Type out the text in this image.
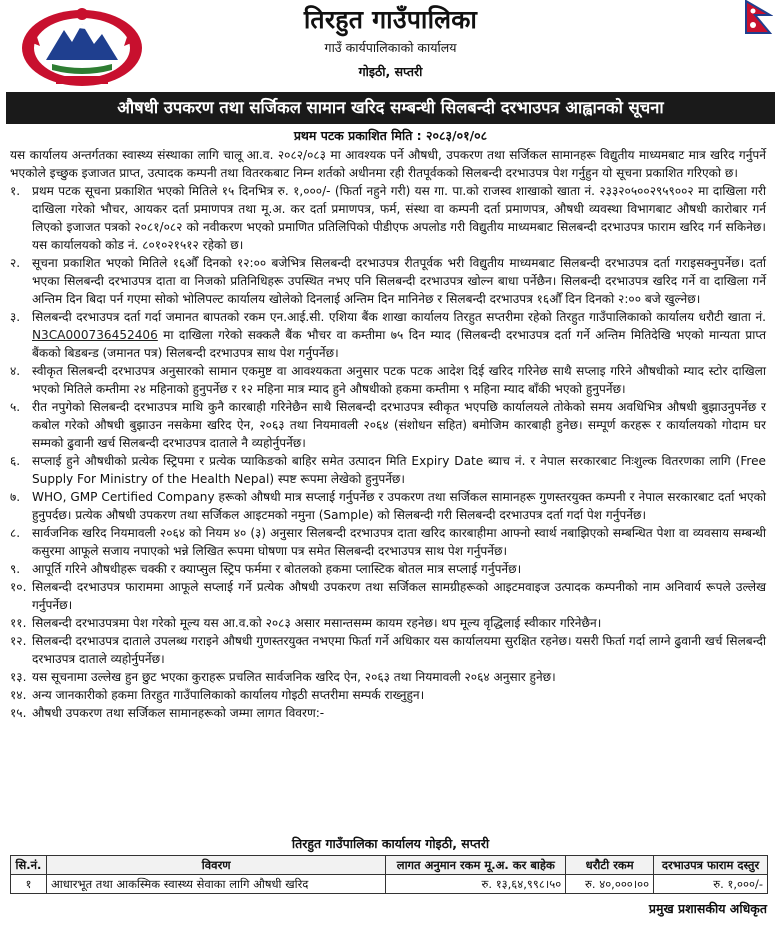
तिरहुत गाउँपालिका
गाउँ कार्यपालिकाको कार्यालय
गोइठी, सप्तरी
औषधी उपकरण तथा सर्जिकल सामान खरिद सम्बन्धी सिलबन्दी दरभाउपत्र आह्वानको सूचना
प्रथम पटक प्रकाशित मिति : २०८३/०१/०८

यस कार्यालय अन्तर्गतका स्वास्थ्य संस्थाका लागि चालू आ.व. २०८२/०८३ मा आवश्यक पर्ने औषधी, उपकरण तथा सर्जिकल सामानहरू विद्युतीय माध्यमबाट मात्र खरिद गर्नुपर्ने भएकोले इच्छुक इजाजत प्राप्त, उत्पादक कम्पनी तथा वितरकबाट निम्न शर्तको अधीनमा रही रीतपूर्वकको सिलबन्दी दरभाउपत्र पेश गर्नुहुन यो सूचना प्रकाशित गरिएको छ।

१. प्रथम पटक सूचना प्रकाशित भएको मितिले १५ दिनभित्र रु. १,०००/- (फिर्ता नहुने गरी) यस गा. पा.को राजस्व शाखाको खाता नं. २३३२०५००२९५९००२ मा दाखिला गरी दाखिला गरेको भौचर, आयकर दर्ता प्रमाणपत्र तथा मू.अ. कर दर्ता प्रमाणपत्र, फर्म, संस्था वा कम्पनी दर्ता प्रमाणपत्र, औषधी व्यवस्था विभागबाट औषधी कारोबार गर्न लिएको इजाजत पत्रको २०८१/०८२ को नवीकरण भएको प्रमाणित प्रतिलिपिको पीडीएफ अपलोड गरी विद्युतीय माध्यमबाट सिलबन्दी दरभाउपत्र फाराम खरिद गर्न सकिनेछ। यस कार्यालयको कोड नं. ८०१०२१५१२ रहेको छ।
२. सूचना प्रकाशित भएको मितिले १६औँ दिनको १२:०० बजेभित्र सिलबन्दी दरभाउपत्र रीतपूर्वक भरी विद्युतीय माध्यमबाट सिलबन्दी दरभाउपत्र दर्ता गराइसक्नुपर्नेछ। दर्ता भएका सिलबन्दी दरभाउपत्र दाता वा निजको प्रतिनिधिहरू उपस्थित नभए पनि सिलबन्दी दरभाउपत्र खोल्न बाधा पर्नेछैन। सिलबन्दी दरभाउपत्र खरिद गर्ने वा दाखिला गर्ने अन्तिम दिन बिदा पर्न गएमा सोको भोलिपल्ट कार्यालय खोलेको दिनलाई अन्तिम दिन मानिनेछ र सिलबन्दी दरभाउपत्र १६औँ दिन दिनको २:०० बजे खुल्नेछ।
३. सिलबन्दी दरभाउपत्र दर्ता गर्दा जमानत बापतको रकम एन.आई.सी. एशिया बैंक शाखा कार्यालय तिरहुत सप्तरीमा रहेको तिरहुत गाउँपालिकाको कार्यालय धरौटी खाता नं. N3CA000736452406 मा दाखिला गरेको सक्कलै बैंक भौचर वा कम्तीमा ७५ दिन म्याद (सिलबन्दी दरभाउपत्र दर्ता गर्ने अन्तिम मितिदेखि भएको मान्यता प्राप्त बैंकको बिडबन्ड (जमानत पत्र) सिलबन्दी दरभाउपत्र साथ पेश गर्नुपर्नेछ।
४. स्वीकृत सिलबन्दी दरभाउपत्र अनुसारको सामान एकमुष्ट वा आवश्यकता अनुसार पटक पटक आदेश दिई खरिद गरिनेछ साथै सप्लाइ गरिने औषधीको म्याद स्टोर दाखिला भएको मितिले कम्तीमा २४ महिनाको हुनुपर्नेछ र १२ महिना मात्र म्याद हुने औषधीको हकमा कम्तीमा ९ महिना म्याद बाँकी भएको हुनुपर्नेछ।
५. रीत नपुगेको सिलबन्दी दरभाउपत्र माथि कुनै कारबाही गरिनेछैन साथै सिलबन्दी दरभाउपत्र स्वीकृत भएपछि कार्यालयले तोकेको समय अवधिभित्र औषधी बुझाउनुपर्नेछ र कबोल गरेको औषधी बुझाउन नसकेमा खरिद ऐन, २०६३ तथा नियमावली २०६४ (संशोधन सहित) बमोजिम कारबाही हुनेछ। सम्पूर्ण करहरू र कार्यालयको गोदाम घर सम्मको ढुवानी खर्च सिलबन्दी दरभाउपत्र दाताले नै व्यहोर्नुपर्नेछ।
६. सप्लाई हुने औषधीको प्रत्येक स्ट्रिपमा र प्रत्येक प्याकिङको बाहिर समेत उत्पादन मिति Expiry Date ब्याच नं. र नेपाल सरकारबाट निःशुल्क वितरणका लागि (Free Supply For Ministry of the Health Nepal) स्पष्ट रूपमा लेखेको हुनुपर्नेछ।
७. WHO, GMP Certified Company हरूको औषधी मात्र सप्लाई गर्नुपर्नेछ र उपकरण तथा सर्जिकल सामानहरू गुणस्तरयुक्त कम्पनी र नेपाल सरकारबाट दर्ता भएको हुनुपर्दछ। प्रत्येक औषधी उपकरण तथा सर्जिकल आइटमको नमुना (Sample) को सिलबन्दी गरी सिलबन्दी दरभाउपत्र दर्ता गर्दा पेश गर्नुपर्नेछ।
८. सार्वजनिक खरिद नियमावली २०६४ को नियम ४० (३) अनुसार सिलबन्दी दरभाउपत्र दाता खरिद कारबाहीमा आफ्नो स्वार्थ नबाझिएको सम्बन्धित पेशा वा व्यवसाय सम्बन्धी कसुरमा आफूले सजाय नपाएको भन्ने लिखित रूपमा घोषणा पत्र समेत सिलबन्दी दरभाउपत्र साथ पेश गर्नुपर्नेछ।
९. आपूर्ति गरिने औषधीहरू चक्की र क्याप्सुल स्ट्रिप फर्ममा र बोतलको हकमा प्लास्टिक बोतल मात्र सप्लाई गर्नुपर्नेछ।
१०. सिलबन्दी दरभाउपत्र फाराममा आफूले सप्लाई गर्ने प्रत्येक औषधी उपकरण तथा सर्जिकल सामग्रीहरूको आइटमवाइज उत्पादक कम्पनीको नाम अनिवार्य रूपले उल्लेख गर्नुपर्नेछ।
११. सिलबन्दी दरभाउपत्रमा पेश गरेको मूल्य यस आ.व.को २०८३ असार मसान्तसम्म कायम रहनेछ। थप मूल्य वृद्धिलाई स्वीकार गरिनेछैन।
१२. सिलबन्दी दरभाउपत्र दाताले उपलब्ध गराइने औषधी गुणस्तरयुक्त नभएमा फिर्ता गर्ने अधिकार यस कार्यालयमा सुरक्षित रहनेछ। यसरी फिर्ता गर्दा लाग्ने ढुवानी खर्च सिलबन्दी दरभाउपत्र दाताले व्यहोर्नुपर्नेछ।
१३. यस सूचनामा उल्लेख हुन छुट भएका कुराहरू प्रचलित सार्वजनिक खरिद ऐन, २०६३ तथा नियमावली २०६४ अनुसार हुनेछ।
१४. अन्य जानकारीको हकमा तिरहुत गाउँपालिकाको कार्यालय गोइठी सप्तरीमा सम्पर्क राख्नुहुन।
१५. औषधी उपकरण तथा सर्जिकल सामानहरूको जम्मा लागत विवरण:-
तिरहुत गाउँपालिका कार्यालय गोइठी, सप्तरी
सि.नं.	विवरण	लागत अनुमान रकम मू.अ. कर बाहेक	धरौटी रकम	दरभाउपत्र फाराम दस्तुर
१	आधारभूत तथा आकस्मिक स्वास्थ्य सेवाका लागि औषधी खरिद	रु. १३,६४,९९८।५०	रु. ४०,०००।००	रु. १,०००/-
प्रमुख प्रशासकीय अधिकृत
